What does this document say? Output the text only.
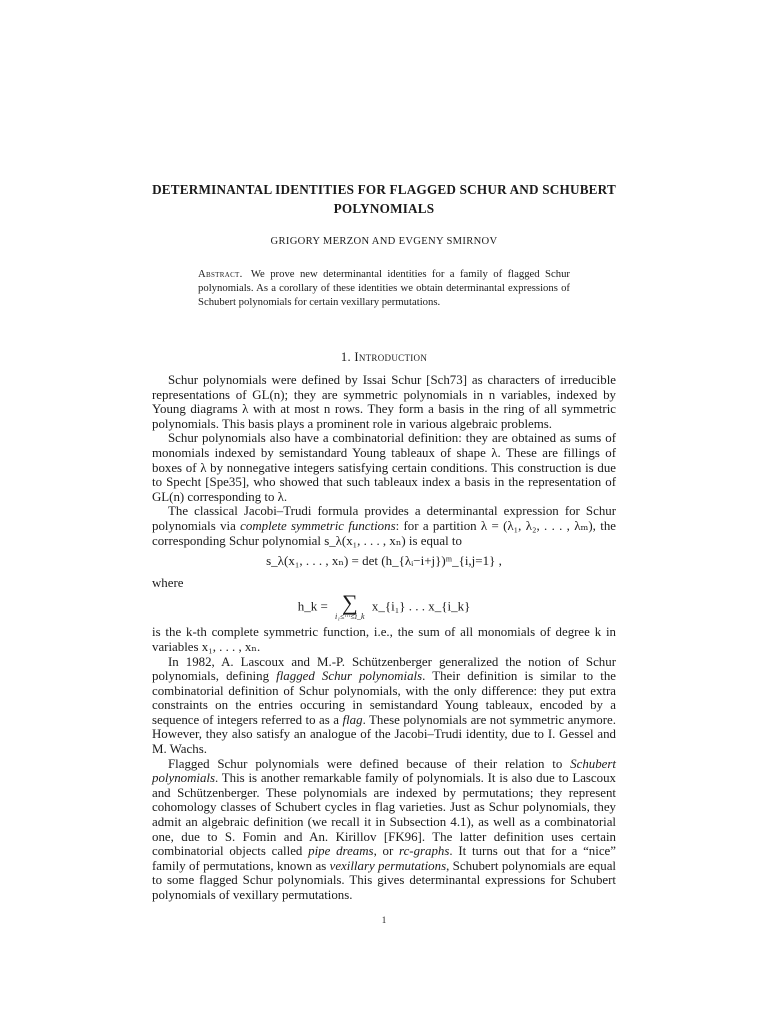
DETERMINANTAL IDENTITIES FOR FLAGGED SCHUR AND SCHUBERT POLYNOMIALS
GRIGORY MERZON AND EVGENY SMIRNOV
Abstract. We prove new determinantal identities for a family of flagged Schur polynomials. As a corollary of these identities we obtain determinantal expressions of Schubert polynomials for certain vexillary permutations.
1. Introduction

Schur polynomials were defined by Issai Schur [Sch73] as characters of irreducible representations of GL(n); they are symmetric polynomials in n variables, indexed by Young diagrams λ with at most n rows. They form a basis in the ring of all symmetric polynomials. This basis plays a prominent role in various algebraic problems.

Schur polynomials also have a combinatorial definition: they are obtained as sums of monomials indexed by semistandard Young tableaux of shape λ. These are fillings of boxes of λ by nonnegative integers satisfying certain conditions. This construction is due to Specht [Spe35], who showed that such tableaux index a basis in the representation of GL(n) corresponding to λ.

The classical Jacobi–Trudi formula provides a determinantal expression for Schur polynomials via complete symmetric functions: for a partition λ = (λ₁, λ₂, . . . , λₘ), the corresponding Schur polynomial s_λ(x₁, . . . , xₙ) is equal to

s_λ(x₁, . . . , xₙ) = det (h_{λᵢ−i+j})ᵐ_{i,j=1} ,

where

h_k = ∑
i₁≤···≤i_k
x_{i₁} . . . x_{i_k}

is the k-th complete symmetric function, i.e., the sum of all monomials of degree k in variables x₁, . . . , xₙ.

In 1982, A. Lascoux and M.-P. Schützenberger generalized the notion of Schur polynomials, defining flagged Schur polynomials. Their definition is similar to the combinatorial definition of Schur polynomials, with the only difference: they put extra constraints on the entries occuring in semistandard Young tableaux, encoded by a sequence of integers referred to as a flag. These polynomials are not symmetric anymore. However, they also satisfy an analogue of the Jacobi–Trudi identity, due to I. Gessel and M. Wachs.

Flagged Schur polynomials were defined because of their relation to Schubert polynomials. This is another remarkable family of polynomials. It is also due to Lascoux and Schützenberger. These polynomials are indexed by permutations; they represent cohomology classes of Schubert cycles in flag varieties. Just as Schur polynomials, they admit an algebraic definition (we recall it in Subsection 4.1), as well as a combinatorial one, due to S. Fomin and An. Kirillov [FK96]. The latter definition uses certain combinatorial objects called pipe dreams, or rc-graphs. It turns out that for a “nice” family of permutations, known as vexillary permutations, Schubert polynomials are equal to some flagged Schur polynomials. This gives determinantal expressions for Schubert polynomials of vexillary permutations.

1
